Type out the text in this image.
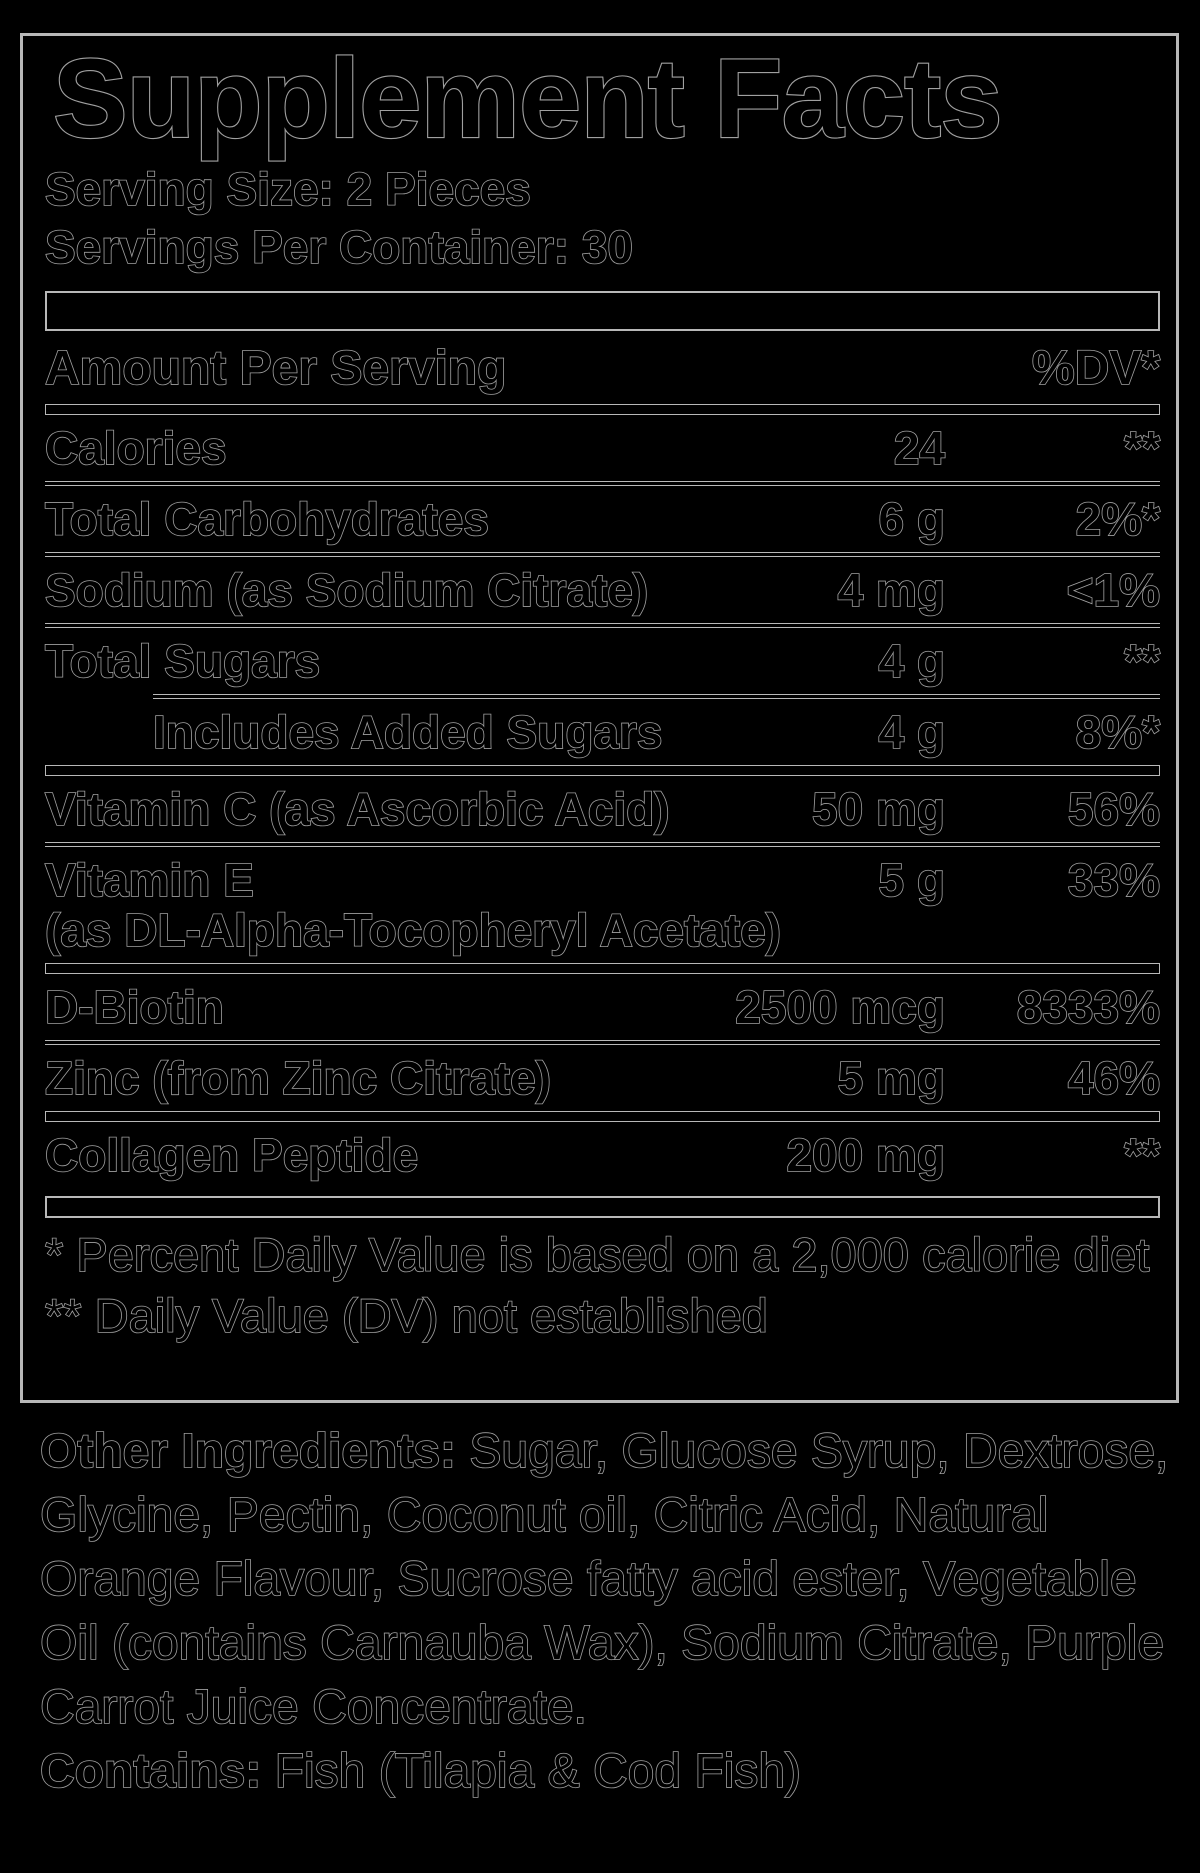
Supplement Facts
Serving Size: 2 Pieces
Servings Per Container: 30
Amount Per Serving	%DV*
Calories	24	**
Total Carbohydrates	6 g	2%*
Sodium (as Sodium Citrate)	4 mg	<1%
Total Sugars	4 g	**
Includes Added Sugars	4 g	8%*
Vitamin C (as Ascorbic Acid)	50 mg	56%
Vitamin E
(as DL-Alpha-Tocopheryl Acetate)
5 g	33%
D-Biotin	2500 mcg	8333%
Zinc (from Zinc Citrate)	5 mg	46%
Collagen Peptide	200 mg	**
* Percent Daily Value is based on a 2,000 calorie diet
** Daily Value (DV) not established
Other Ingredients: Sugar, Glucose Syrup, Dextrose, Glycine, Pectin, Coconut oil, Citric Acid, Natural Orange Flavour, Sucrose fatty acid ester, Vegetable Oil (contains Carnauba Wax), Sodium Citrate, Purple Carrot Juice Concentrate.
Contains: Fish (Tilapia & Cod Fish)
